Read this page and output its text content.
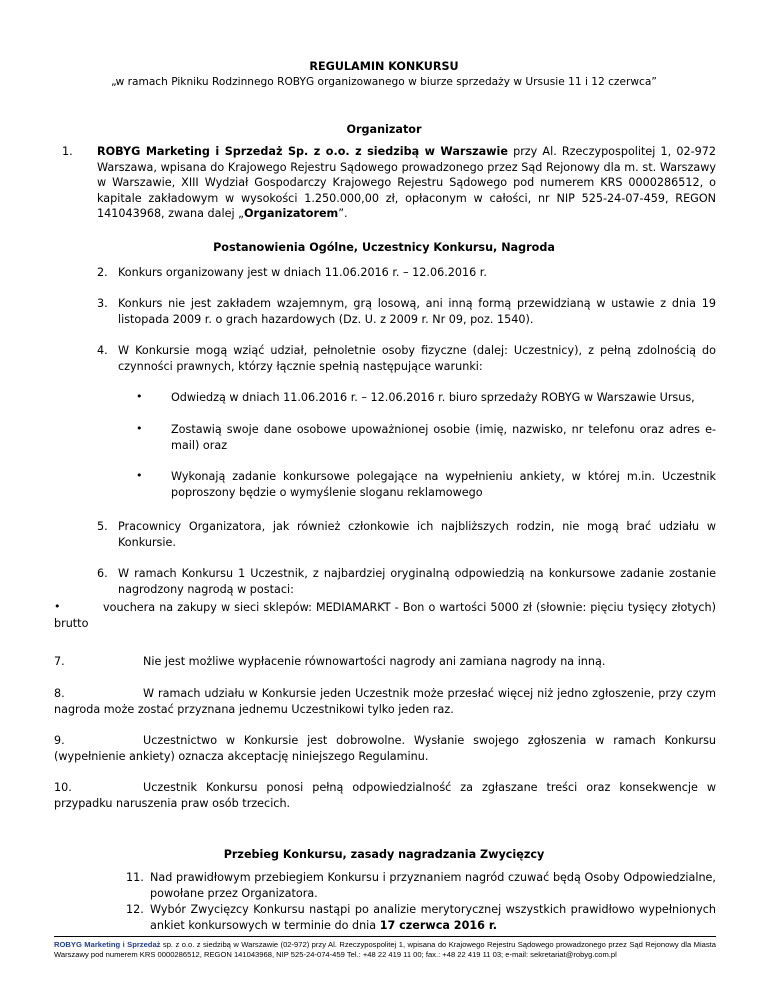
REGULAMIN KONKURSU
„w ramach Pikniku Rodzinnego ROBYG organizowanego w biurze sprzedaży w Ursusie 11 i 12 czerwca”
Organizator
1. ROBYG Marketing i Sprzedaż Sp. z o.o. z siedzibą w Warszawie przy Al. Rzeczypospolitej 1, 02-972 Warszawa, wpisana do Krajowego Rejestru Sądowego prowadzonego przez Sąd Rejonowy dla m. st. Warszawy w Warszawie, XIII Wydział Gospodarczy Krajowego Rejestru Sądowego pod numerem KRS 0000286512, o kapitale zakładowym w wysokości 1.250.000,00 zł, opłaconym w całości, nr NIP 525-24-07-459, REGON 141043968, zwana dalej „Organizatorem”.
Postanowienia Ogólne, Uczestnicy Konkursu, Nagroda
2. Konkurs organizowany jest w dniach 11.06.2016 r. – 12.06.2016 r.
3. Konkurs nie jest zakładem wzajemnym, grą losową, ani inną formą przewidzianą w ustawie z dnia 19 listopada 2009 r. o grach hazardowych (Dz. U. z 2009 r. Nr 09, poz. 1540).
4. W Konkursie mogą wziąć udział, pełnoletnie osoby fizyczne (dalej: Uczestnicy), z pełną zdolnością do czynności prawnych, którzy łącznie spełnią następujące warunki:
•	Odwiedzą w dniach 11.06.2016 r. – 12.06.2016 r. biuro sprzedaży ROBYG w Warszawie Ursus,
•	Zostawią swoje dane osobowe upoważnionej osobie (imię, nazwisko, nr telefonu oraz adres e-mail) oraz
•	Wykonają zadanie konkursowe polegające na wypełnieniu ankiety, w której m.in. Uczestnik poproszony będzie o wymyślenie sloganu reklamowego
5. Pracownicy Organizatora, jak również członkowie ich najbliższych rodzin, nie mogą brać udziału w Konkursie.
6. W ramach Konkursu 1 Uczestnik, z najbardziej oryginalną odpowiedzią na konkursowe zadanie zostanie nagrodzony nagrodą w postaci:
•	vouchera na zakupy w sieci sklepów: MEDIAMARKT - Bon o wartości 5000 zł (słownie: pięciu tysięcy złotych) brutto
7.	Nie jest możliwe wypłacenie równowartości nagrody ani zamiana nagrody na inną.
8.	W ramach udziału w Konkursie jeden Uczestnik może przesłać więcej niż jedno zgłoszenie, przy czym nagroda może zostać przyznana jednemu Uczestnikowi tylko jeden raz.
9.	Uczestnictwo w Konkursie jest dobrowolne. Wysłanie swojego zgłoszenia w ramach Konkursu (wypełnienie ankiety) oznacza akceptację niniejszego Regulaminu.
10.	Uczestnik Konkursu ponosi pełną odpowiedzialność za zgłaszane treści oraz konsekwencje w przypadku naruszenia praw osób trzecich.
Przebieg Konkursu, zasady nagradzania Zwycięzcy
11. Nad prawidłowym przebiegiem Konkursu i przyznaniem nagród czuwać będą Osoby Odpowiedzialne, powołane przez Organizatora.
12. Wybór Zwycięzcy Konkursu nastąpi po analizie merytorycznej wszystkich prawidłowo wypełnionych ankiet konkursowych w terminie do dnia 17 czerwca 2016 r.
ROBYG Marketing i Sprzedaż sp. z o.o. z siedzibą w Warszawie (02-972) przy Al. Rzeczypospolitej 1, wpisana do Krajowego Rejestru Sądowego prowadzonego przez Sąd Rejonowy dla Miasta Warszawy pod numerem KRS 0000286512, REGON 141043968, NIP 525-24-074-459 Tel.: +48 22 419 11 00; fax.: +48 22 419 11 03; e-mail: sekretariat@robyg.com.pl
